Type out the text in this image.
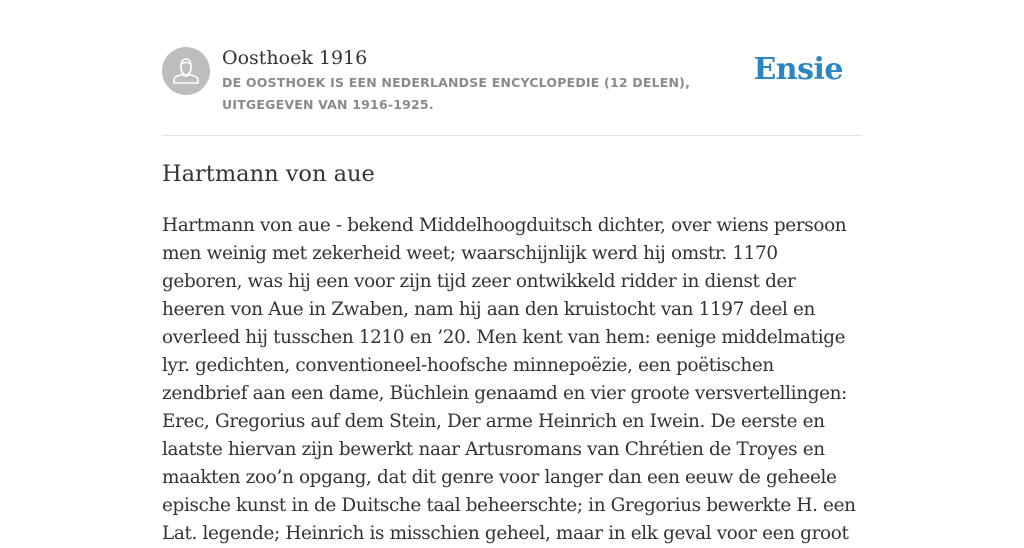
Oosthoek 1916
DE OOSTHOEK IS EEN NEDERLANDSE ENCYCLOPEDIE (12 DELEN), UITGEGEVEN VAN 1916-1925.
Ensie
Hartmann von aue

Hartmann von aue - bekend Middelhoogduitsch dichter, over wiens persoon men weinig met zekerheid weet; waarschijnlijk werd hij omstr. 1170 geboren, was hij een voor zijn tijd zeer ontwikkeld ridder in dienst der heeren von Aue in Zwaben, nam hij aan den kruistocht van 1197 deel en overleed hij tusschen 1210 en ’20. Men kent van hem: eenige middelmatige lyr. gedichten, conventioneel-hoofsche minnepoëzie, een poëtischen zendbrief aan een dame, Büchlein genaamd en vier groote versvertellingen: Erec, Gregorius auf dem Stein, Der arme Heinrich en Iwein. De eerste en laatste hiervan zijn bewerkt naar Artusromans van Chrétien de Troyes en maakten zoo’n opgang, dat dit genre voor langer dan een eeuw de geheele epische kunst in de Duitsche taal beheerschte; in Gregorius bewerkte H. een Lat. legende; Heinrich is misschien geheel, maar in elk geval voor een groot
